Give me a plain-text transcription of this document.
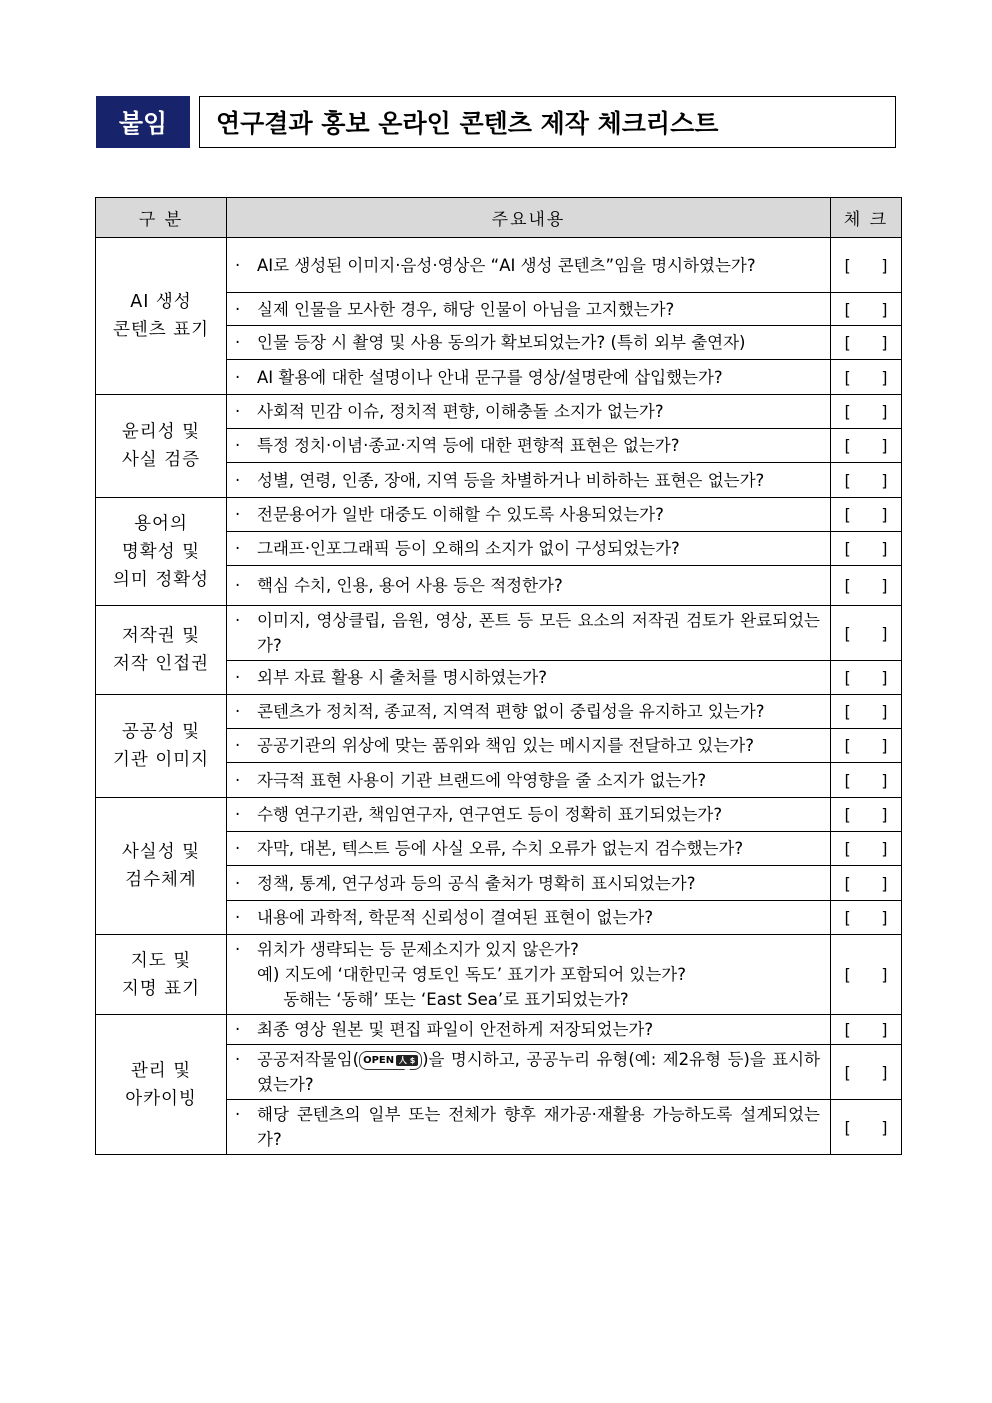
붙임	연구결과 홍보 온라인 콘텐츠 제작 체크리스트
구 분	주요내용	체 크
AI 생성
콘텐츠 표기	· AI로 생성된 이미지·음성·영상은 “AI 생성 콘텐츠”임을 명시하였는가?	[      ]

	· 실제 인물을 모사한 경우, 해당 인물이 아님을 고지했는가?	[      ]

	· 인물 등장 시 촬영 및 사용 동의가 확보되었는가? (특히 외부 출연자)	[      ]

	· AI 활용에 대한 설명이나 안내 문구를 영상/설명란에 삽입했는가?	[      ]
윤리성 및
사실 검증	· 사회적 민감 이슈, 정치적 편향, 이해충돌 소지가 없는가?	[      ]

	· 특정 정치·이념·종교·지역 등에 대한 편향적 표현은 없는가?	[      ]

	· 성별, 연령, 인종, 장애, 지역 등을 차별하거나 비하하는 표현은 없는가?	[      ]
용어의
명확성 및
의미 정확성	· 전문용어가 일반 대중도 이해할 수 있도록 사용되었는가?	[      ]

	· 그래프·인포그래픽 등이 오해의 소지가 없이 구성되었는가?	[      ]

	· 핵심 수치, 인용, 용어 사용 등은 적정한가?	[      ]
저작권 및
저작 인접권	· 이미지, 영상클립, 음원, 영상, 폰트 등 모든 요소의 저작권 검토가 완료되었는가?	[      ]

	· 외부 자료 활용 시 출처를 명시하였는가?	[      ]
공공성 및
기관 이미지	· 콘텐츠가 정치적, 종교적, 지역적 편향 없이 중립성을 유지하고 있는가?	[      ]

	· 공공기관의 위상에 맞는 품위와 책임 있는 메시지를 전달하고 있는가?	[      ]

	· 자극적 표현 사용이 기관 브랜드에 악영향을 줄 소지가 없는가?	[      ]
사실성 및
검수체계	· 수행 연구기관, 책임연구자, 연구연도 등이 정확히 표기되었는가?	[      ]

	· 자막, 대본, 텍스트 등에 사실 오류, 수치 오류가 없는지 검수했는가?	[      ]

	· 정책, 통계, 연구성과 등의 공식 출처가 명확히 표시되었는가?	[      ]

	· 내용에 과학적, 학문적 신뢰성이 결여된 표현이 없는가?	[      ]
지도 및
지명 표기	· 위치가 생략되는 등 문제소지가 있지 않은가?
예) 지도에 ‘대한민국 영토인 독도’ 표기가 포함되어 있는가?
동해는 ‘동해’ 또는 ‘East Sea’로 표기되었는가?	[      ]
관리 및
아카이빙	· 최종 영상 원본 및 편집 파일이 안전하게 저장되었는가?	[      ]

	· 공공저작물임( OPEN 人 $ ≡
)을 명시하고, 공공누리 유형(예: 제2유형 등)을 표시하였는가?	[      ]

	· 해당 콘텐츠의 일부 또는 전체가 향후 재가공·재활용 가능하도록 설계되었는가?	[      ]
